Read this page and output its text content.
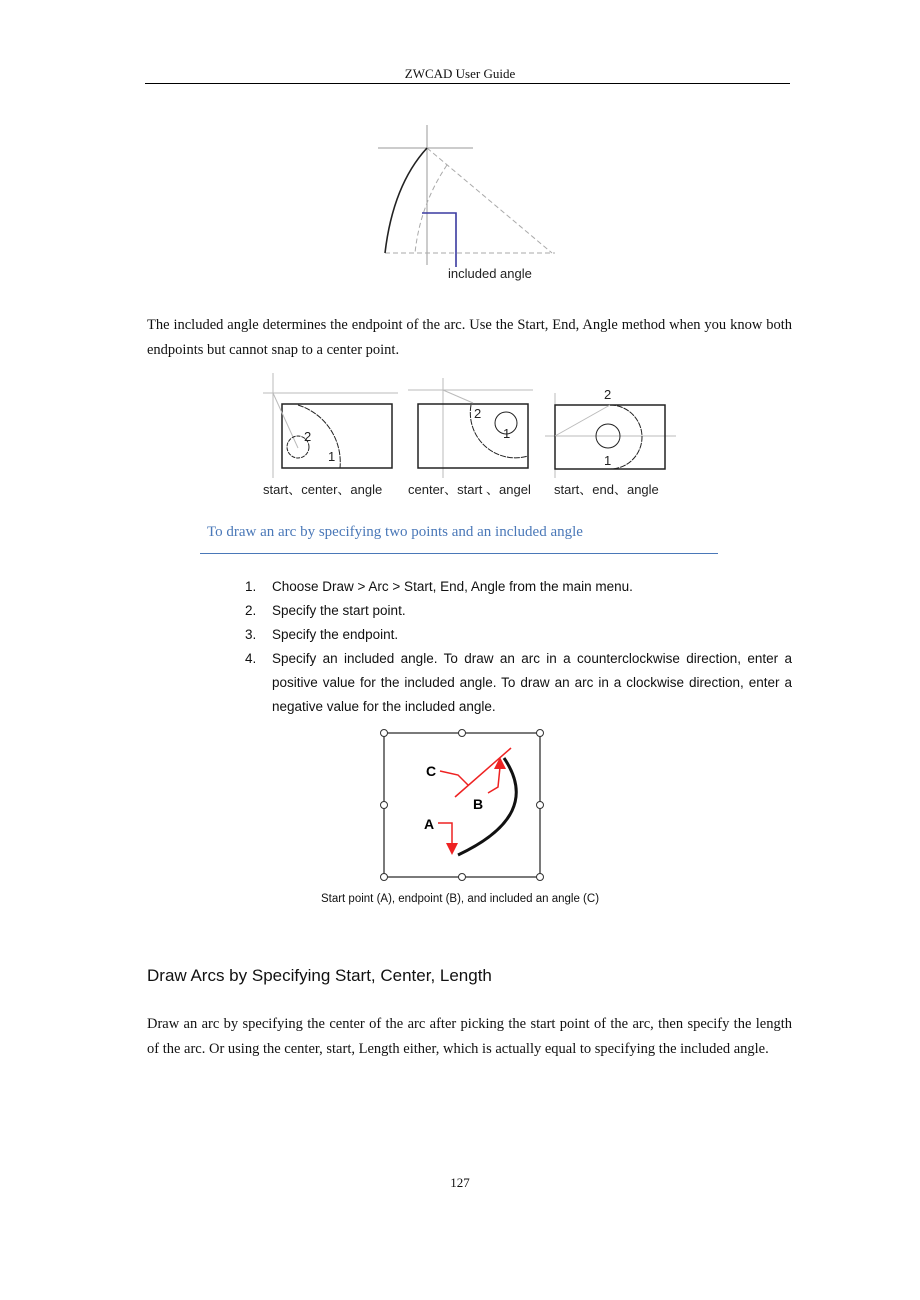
ZWCAD User Guide
included angle
The included angle determines the endpoint of the arc. Use the Start, End, Angle method when you know both endpoints but cannot snap to a center point.
2
1
start、center、angle
2
1
center、start 、angel
2
1
start、end、angle
To draw an arc by specifying two points and an included angle
1. Choose Draw > Arc > Start, End, Angle from the main menu.
2. Specify the start point.
3. Specify the endpoint.
4. Specify an included angle. To draw an arc in a counterclockwise direction, enter a positive value for the included angle. To draw an arc in a clockwise direction, enter a negative value for the included angle.
A
B
C
Start point (A), endpoint (B), and included an angle (C)
Draw Arcs by Specifying Start, Center, Length
Draw an arc by specifying the center of the arc after picking the start point of the arc, then specify the length of the arc. Or using the center, start, Length either, which is actually equal to specifying the included angle.
127
